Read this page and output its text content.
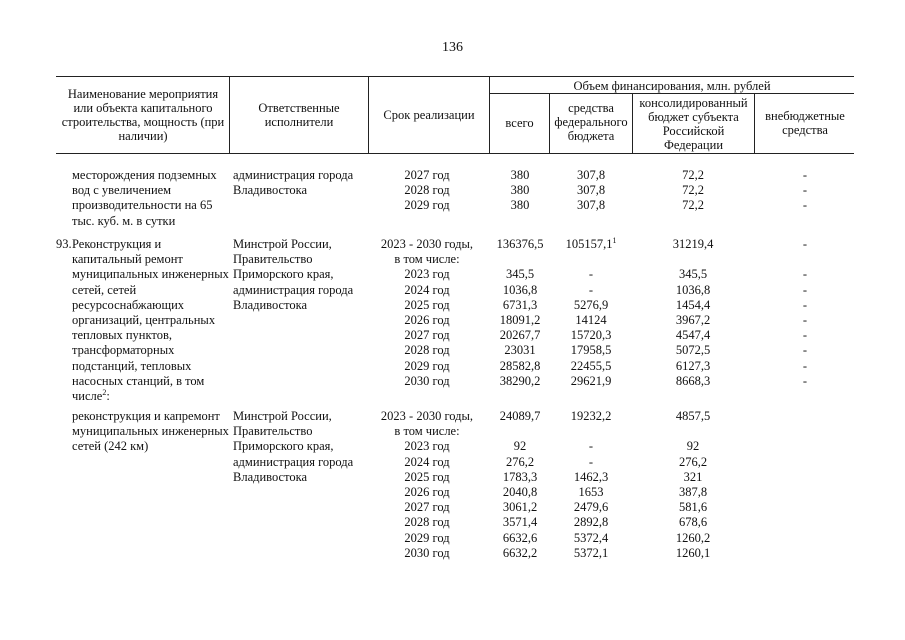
136
Наименование мероприятия или объекта капитального строительства, мощность (при наличии)
Ответственные исполнители	Срок реализации
Объем финансирования, млн. рублей
всего
средства федерального бюджета
консолидированный бюджет субъекта Российской Федерации
внебюджетные средства
месторождения подземных вод с увеличением производительности на 65 тыс. куб. м. в сутки
администрация города Владивостока
2027 год
2028 год
2029 год
380
380
380
307,8
307,8
307,8
72,2
72,2
72,2
-
-
-
93. Реконструкция и капитальный ремонт муниципальных инженерных сетей, сетей ресурсоснабжающих организаций, центральных тепловых пунктов, трансформаторных подстанций, тепловых насосных станций, в том числе$^2$:
Минстрой России, Правительство Приморского края, администрация города Владивостока
2023 - 2030 годы,
в том числе:
2023 год
2024 год
2025 год
2026 год
2027 год
2028 год
2029 год
2030 год
136376,5
345,5
1036,8
6731,3
18091,2
20267,7
23031
28582,8
38290,2
105157,1$^1$
-
-
5276,9
14124
15720,3
17958,5
22455,5
29621,9
31219,4
345,5
1036,8
1454,4
3967,2
4547,4
5072,5
6127,3
8668,3
-
-
-
-
-
-
-
-
-
реконструкция и капремонт муниципальных инженерных сетей (242 км)
Минстрой России, Правительство Приморского края, администрация города Владивостока
2023 - 2030 годы,
в том числе:
2023 год
2024 год
2025 год
2026 год
2027 год
2028 год
2029 год
2030 год
24089,7
92
276,2
1783,3
2040,8
3061,2
3571,4
6632,6
6632,2
19232,2
-
-
1462,3
1653
2479,6
2892,8
5372,4
5372,1
4857,5
92
276,2
321
387,8
581,6
678,6
1260,2
1260,1
